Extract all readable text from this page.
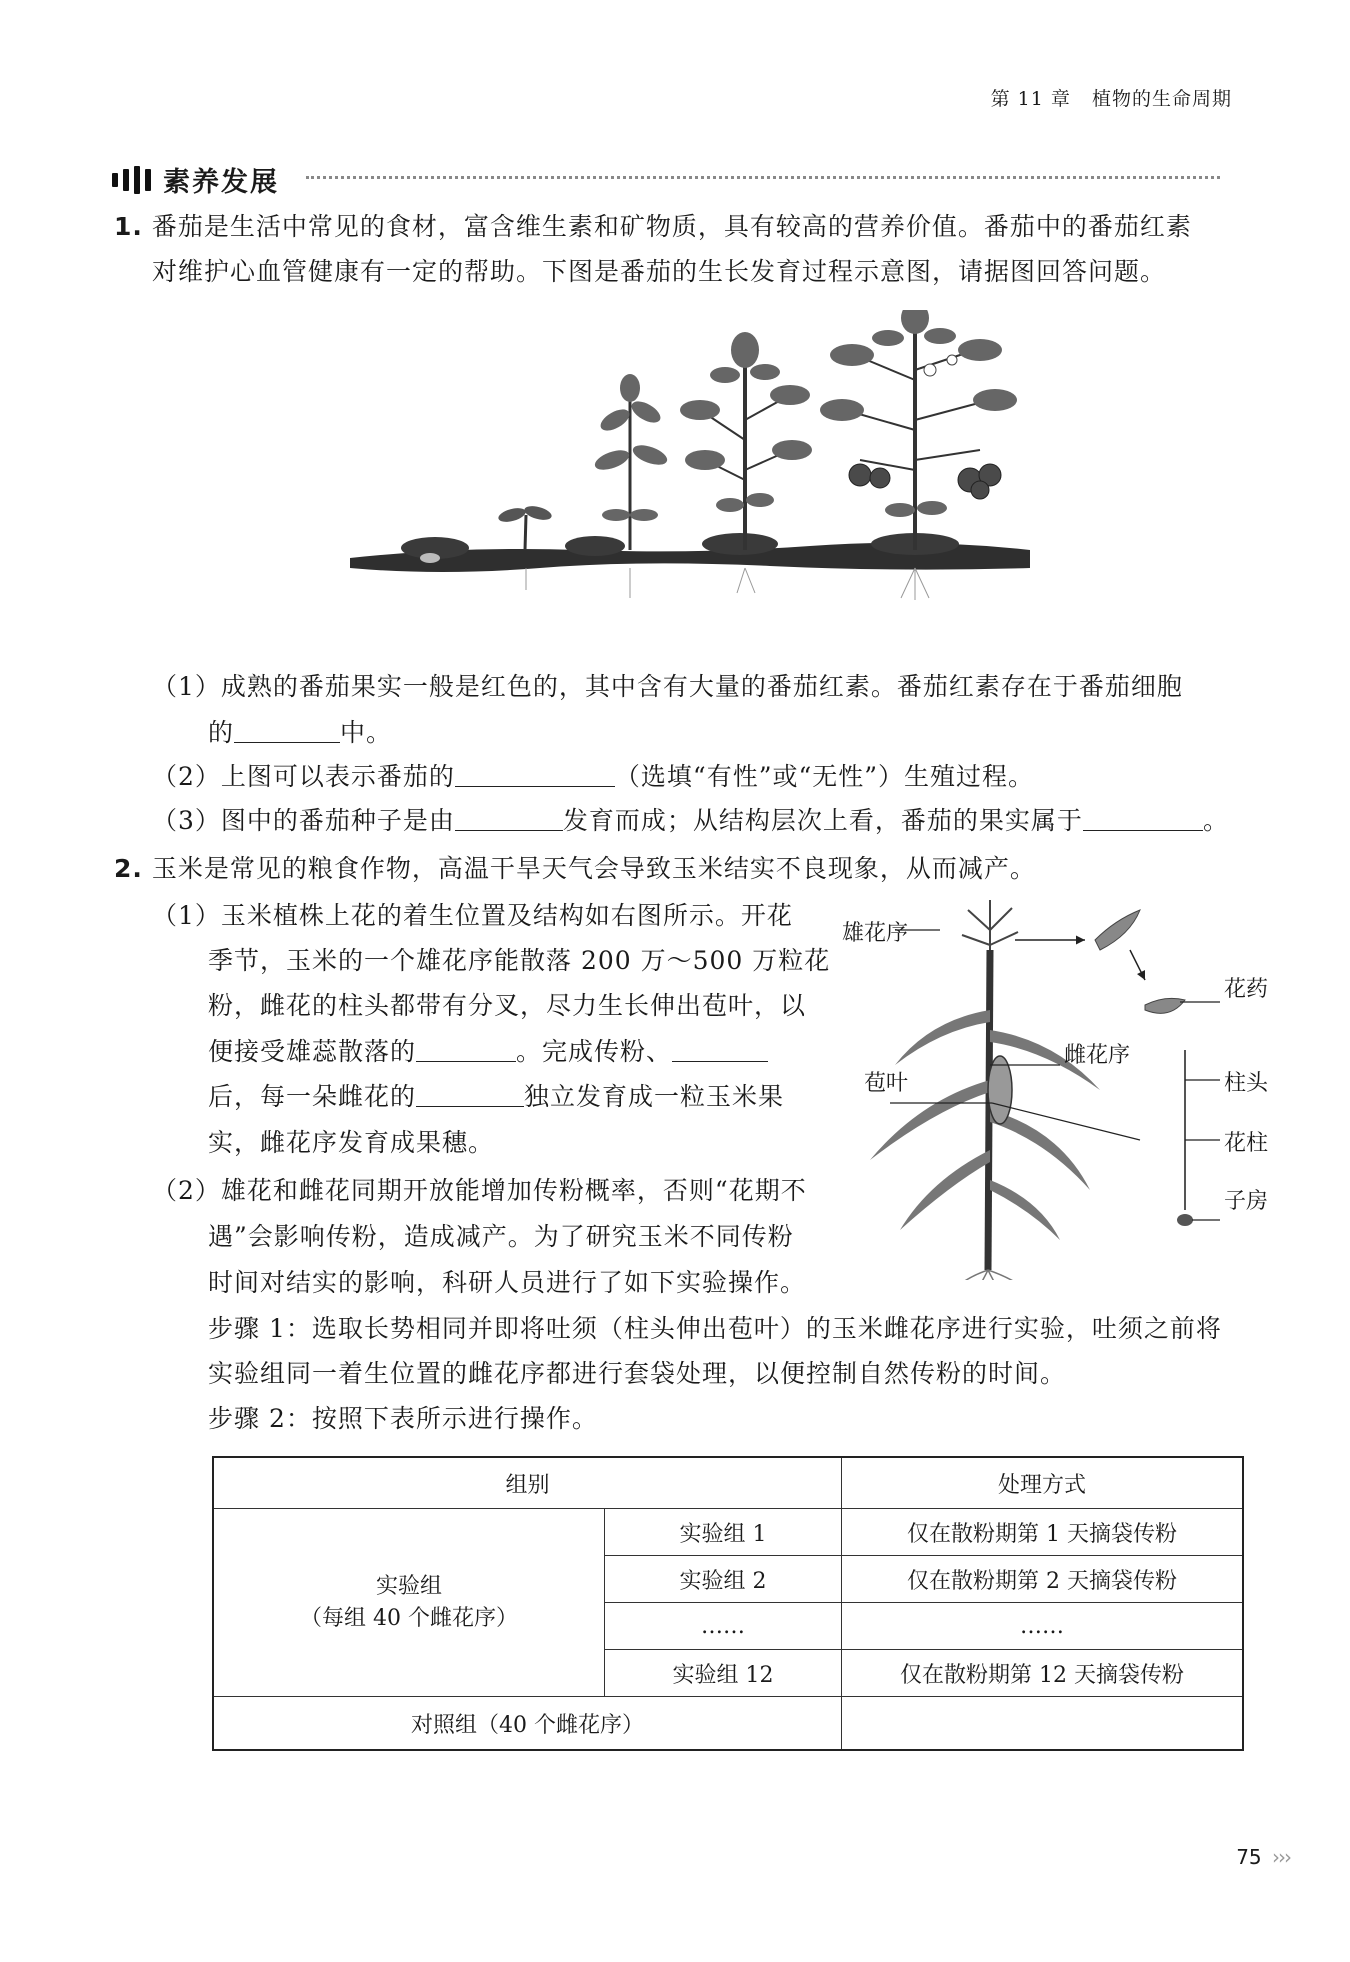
第 11 章 植物的生命周期
素养发展
1. 番茄是生活中常见的食材，富含维生素和矿物质，具有较高的营养价值。番茄中的番茄红素
对维护心血管健康有一定的帮助。下图是番茄的生长发育过程示意图，请据图回答问题。
（1）成熟的番茄果实一般是红色的，其中含有大量的番茄红素。番茄红素存在于番茄细胞
的	中。
（2）上图可以表示番茄的	（选填“有性”或“无性”）生殖过程。
（3）图中的番茄种子是由	发育而成；从结构层次上看，番茄的果实属于	。
2. 玉米是常见的粮食作物，高温干旱天气会导致玉米结实不良现象，从而减产。
（1）玉米植株上花的着生位置及结构如右图所示。开花
季节，玉米的一个雄花序能散落 200 万～500 万粒花
粉，雌花的柱头都带有分叉，尽力生长伸出苞叶，以
便接受雄蕊散落的	。完成传粉、
后，每一朵雌花的	独立发育成一粒玉米果
实，雌花序发育成果穗。
（2）雄花和雌花同期开放能增加传粉概率，否则“花期不
遇”会影响传粉，造成减产。为了研究玉米不同传粉
时间对结实的影响，科研人员进行了如下实验操作。
步骤 1：选取长势相同并即将吐须（柱头伸出苞叶）的玉米雌花序进行实验，吐须之前将
实验组同一着生位置的雌花序都进行套袋处理，以便控制自然传粉的时间。
步骤 2：按照下表所示进行操作。
雄花序
花药
雌花序
苞叶	柱头
花柱
子房
组别		处理方式

实验组
（每组 40 个雌花序）	实验组 1	仅在散粉期第 1 天摘袋传粉
	实验组 2	仅在散粉期第 2 天摘袋传粉
	……	……
	实验组 12	仅在散粉期第 12 天摘袋传粉
对照组（40 个雌花序）		
75 ›››
